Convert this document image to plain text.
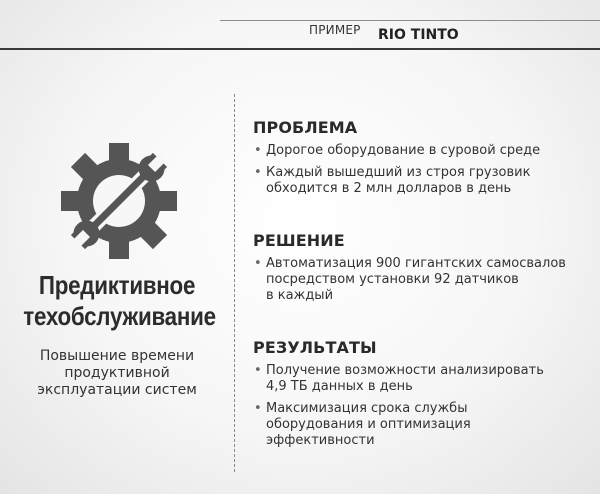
ПРИМЕР RIO TINTO
Предиктивное
техобслуживание
Повышение времени
продуктивной
эксплуатации систем
ПРОБЛЕМА
• Дорогое оборудование в суровой среде
• Каждый вышедший из строя грузовик
обходится в 2 млн долларов в день
РЕШЕНИЕ
• Автоматизация 900 гигантских самосвалов
посредством установки 92 датчиков
в каждый
РЕЗУЛЬТАТЫ
• Получение возможности анализировать
4,9 ТБ данных в день
• Максимизация срока службы
оборудования и оптимизация
эффективности
